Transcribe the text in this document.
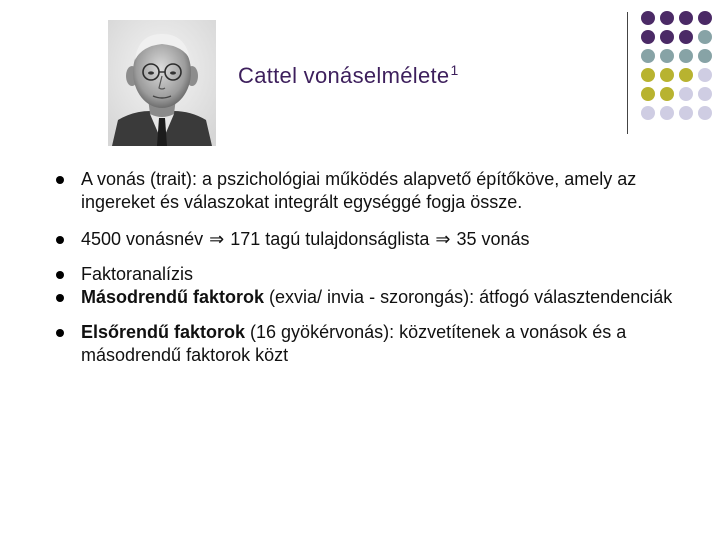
Cattel vonáselmélete$^1$
A vonás (trait): a pszichológiai működés alapvető építőköve, amely az ingereket és válaszokat integrált egységgé fogja össze.
4500 vonásnév ⇒ 171 tagú tulajdonságlista ⇒ 35 vonás
Faktoranalízis
Másodrendű faktorok (exvia/ invia - szorongás): átfogó választendenciák
Elsőrendű faktorok (16 gyökérvonás): közvetítenek a vonások és a másodrendű faktorok közt
